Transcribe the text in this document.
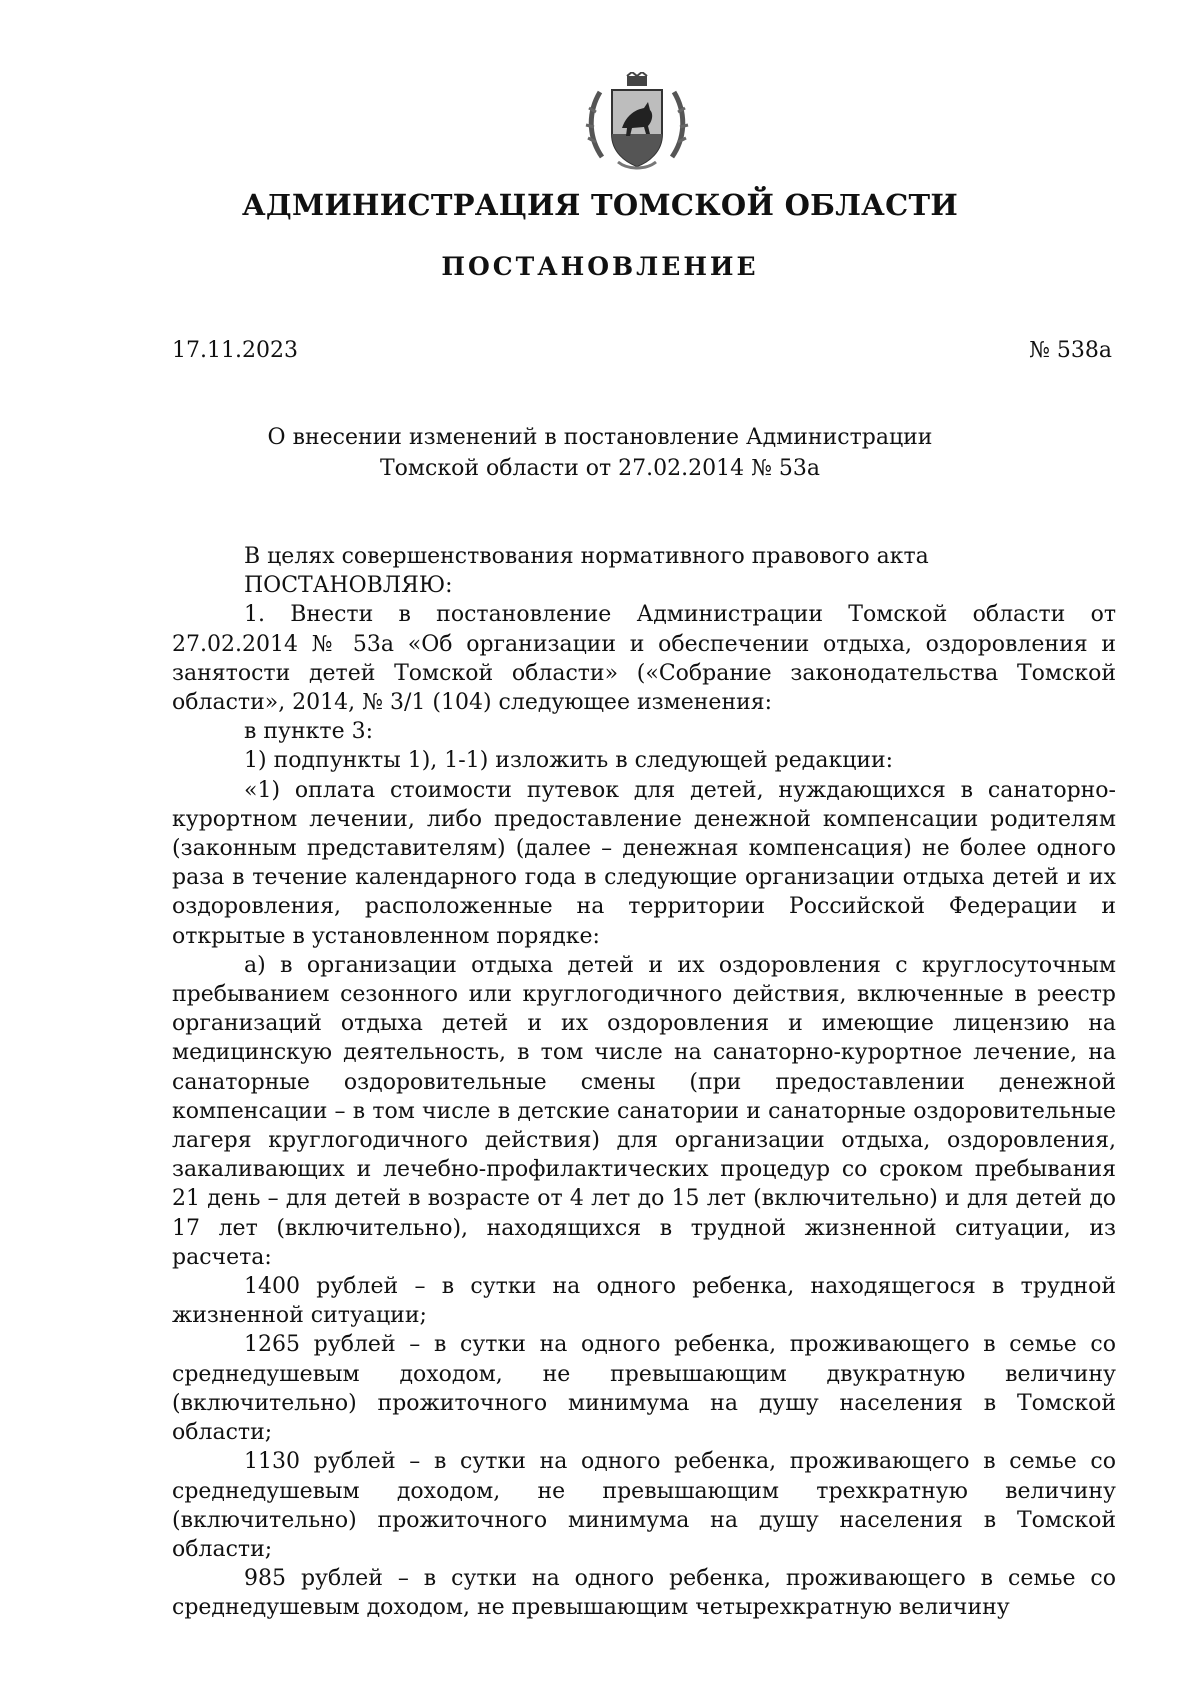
АДМИНИСТРАЦИЯ ТОМСКОЙ ОБЛАСТИ
ПОСТАНОВЛЕНИЕ
17.11.2023	№ 538а
О внесении изменений в постановление Администрации
Томской области от 27.02.2014 № 53а

В целях совершенствования нормативного правового акта

ПОСТАНОВЛЯЮ:

1. Внести в постановление Администрации Томской области от 27.02.2014 № 53а «Об организации и обеспечении отдыха, оздоровления и занятости детей Томской области» («Собрание законодательства Томской области», 2014, № 3/1 (104) следующее изменения:

в пункте 3:

1) подпункты 1), 1-1) изложить в следующей редакции:

«1) оплата стоимости путевок для детей, нуждающихся в санаторно-курортном лечении, либо предоставление денежной компенсации родителям (законным представителям) (далее – денежная компенсация) не более одного раза в течение календарного года в следующие организации отдыха детей и их оздоровления, расположенные на территории Российской Федерации и открытые в установленном порядке:

а) в организации отдыха детей и их оздоровления с круглосуточным пребыванием сезонного или круглогодичного действия, включенные в реестр организаций отдыха детей и их оздоровления и имеющие лицензию на медицинскую деятельность, в том числе на санаторно-курортное лечение, на санаторные оздоровительные смены (при предоставлении денежной компенсации – в том числе в детские санатории и санаторные оздоровительные лагеря круглогодичного действия) для организации отдыха, оздоровления, закаливающих и лечебно-профилактических процедур со сроком пребывания 21 день – для детей в возрасте от 4 лет до 15 лет (включительно) и для детей до 17 лет (включительно), находящихся в трудной жизненной ситуации, из расчета:

1400 рублей – в сутки на одного ребенка, находящегося в трудной жизненной ситуации;

1265 рублей – в сутки на одного ребенка, проживающего в семье со среднедушевым доходом, не превышающим двукратную величину (включительно) прожиточного минимума на душу населения в Томской области;

1130 рублей – в сутки на одного ребенка, проживающего в семье со среднедушевым доходом, не превышающим трехкратную величину (включительно) прожиточного минимума на душу населения в Томской области;

985 рублей – в сутки на одного ребенка, проживающего в семье со среднедушевым доходом, не превышающим четырехкратную величину
